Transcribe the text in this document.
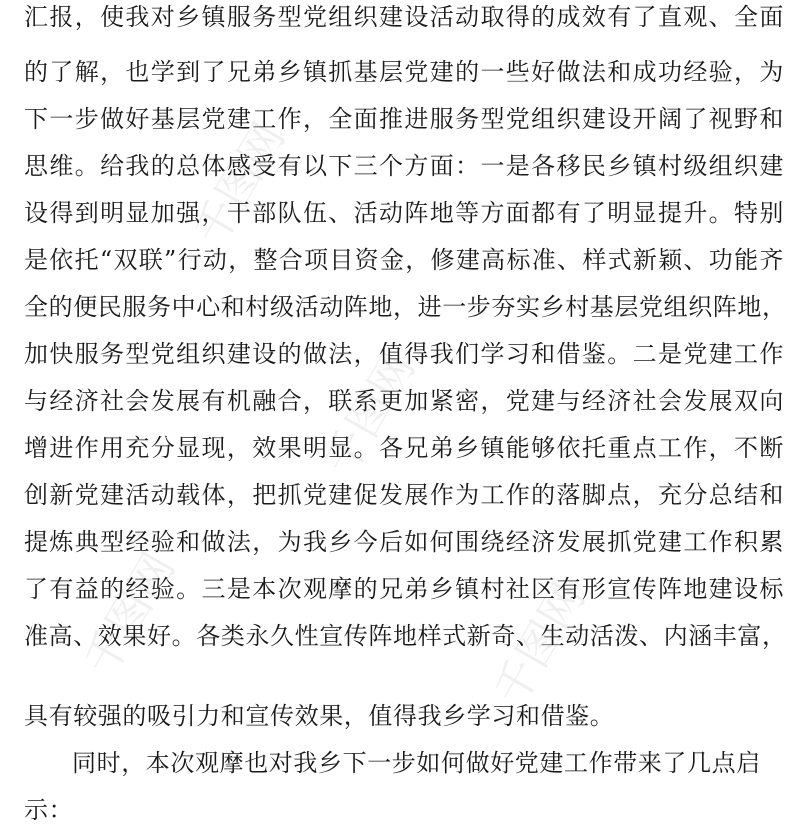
千图网
千图网
千图网	千图网
汇报，使我对乡镇服务型党组织建设活动取得的成效有了直观、全面
的了解，也学到了兄弟乡镇抓基层党建的一些好做法和成功经验，为
下一步做好基层党建工作，全面推进服务型党组织建设开阔了视野和
思维。给我的总体感受有以下三个方面：一是各移民乡镇村级组织建
设得到明显加强，干部队伍、活动阵地等方面都有了明显提升。特别
是依托“双联”行动，整合项目资金，修建高标准、样式新颖、功能齐
全的便民服务中心和村级活动阵地，进一步夯实乡村基层党组织阵地，
加快服务型党组织建设的做法，值得我们学习和借鉴。二是党建工作
与经济社会发展有机融合，联系更加紧密，党建与经济社会发展双向
增进作用充分显现，效果明显。各兄弟乡镇能够依托重点工作，不断
创新党建活动载体，把抓党建促发展作为工作的落脚点，充分总结和
提炼典型经验和做法，为我乡今后如何围绕经济发展抓党建工作积累
了有益的经验。三是本次观摩的兄弟乡镇村社区有形宣传阵地建设标
准高、效果好。各类永久性宣传阵地样式新奇、生动活泼、内涵丰富，
具有较强的吸引力和宣传效果，值得我乡学习和借鉴。
同时，本次观摩也对我乡下一步如何做好党建工作带来了几点启
示：
